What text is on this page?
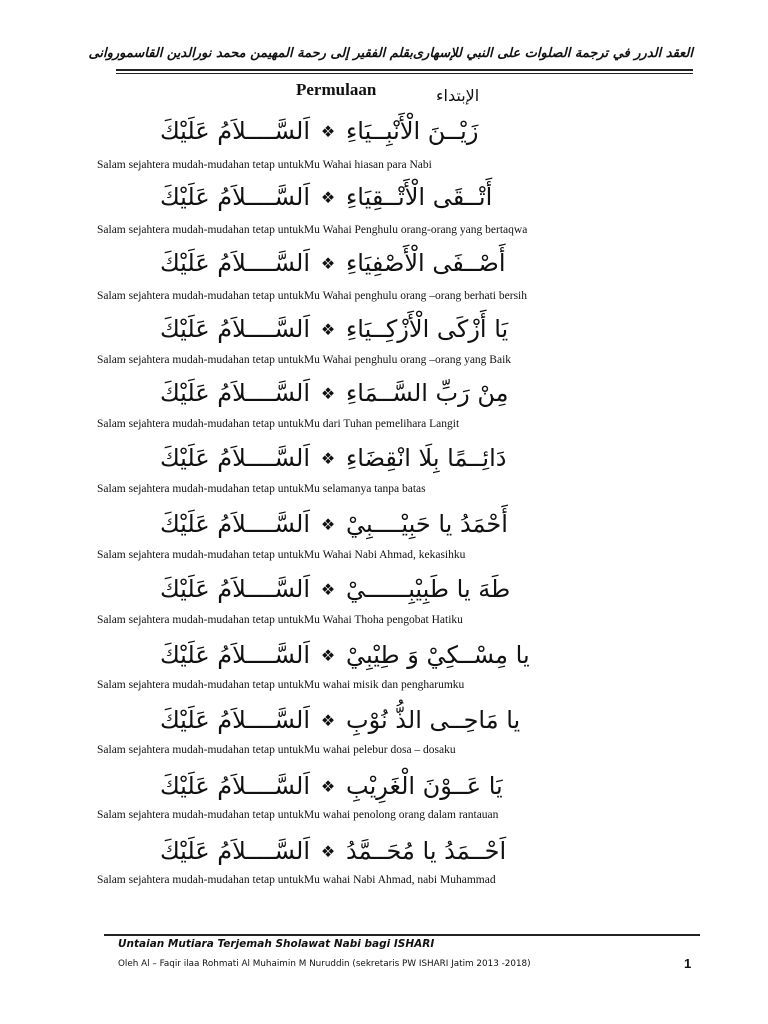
العقد الدرر في ترجمة الصلوات على النبي للإسهارى
بقلم الفقير إلى رحمة المهيمن محمد نورالدين القاسموروانى
Permulaan	الإبتداء
اَلسَّــــلاَمُ عَلَيْكَ ❖ زَيْــنَ الْأَنْبِــيَاءِ
Salam sejahtera mudah-mudahan tetap untukMu Wahai hiasan para Nabi
اَلسَّــــلاَمُ عَلَيْكَ ❖ أَتْــقَى الْأَتْــقِيَاءِ
Salam sejahtera mudah-mudahan tetap untukMu Wahai Penghulu orang-orang yang bertaqwa
اَلسَّــــلاَمُ عَلَيْكَ ❖ أَصْــفَى الْأَصْفِيَاءِ
Salam sejahtera mudah-mudahan tetap untukMu Wahai penghulu orang –orang berhati bersih
اَلسَّــــلاَمُ عَلَيْكَ ❖ يَا أَزْكَى الْأَزْكِــيَاءِ
Salam sejahtera mudah-mudahan tetap untukMu Wahai penghulu orang –orang yang Baik
اَلسَّــــلاَمُ عَلَيْكَ ❖ مِنْ رَبِّ السَّــمَاءِ
Salam sejahtera mudah-mudahan tetap untukMu dari Tuhan pemelihara Langit
اَلسَّــــلاَمُ عَلَيْكَ ❖ دَائِــمًا بِلَا انْقِضَاءِ
Salam sejahtera mudah-mudahan tetap untukMu selamanya tanpa batas
اَلسَّــــلاَمُ عَلَيْكَ ❖ أَحْمَدُ يا حَبِيْــــبِيْ
Salam sejahtera mudah-mudahan tetap untukMu Wahai Nabi Ahmad, kekasihku
اَلسَّــــلاَمُ عَلَيْكَ ❖ طَهَ يا طَبِيْبِــــــيْ
Salam sejahtera mudah-mudahan tetap untukMu Wahai Thoha pengobat Hatiku
اَلسَّــــلاَمُ عَلَيْكَ ❖ يا مِسْــكِيْ وَ طِيْبِيْ
Salam sejahtera mudah-mudahan tetap untukMu wahai misik dan pengharumku
اَلسَّــــلاَمُ عَلَيْكَ ❖ يا مَاحِــى الذُّ نُوْبِ
Salam sejahtera mudah-mudahan tetap untukMu wahai pelebur dosa – dosaku
اَلسَّــــلاَمُ عَلَيْكَ ❖ يَا عَــوْنَ الْغَرِيْبِ
Salam sejahtera mudah-mudahan tetap untukMu wahai penolong orang dalam rantauan
اَلسَّــــلاَمُ عَلَيْكَ ❖ اَحْــمَدُ يا مُحَــمَّدُ
Salam sejahtera mudah-mudahan tetap untukMu wahai Nabi Ahmad, nabi Muhammad
Untaian Mutiara Terjemah Sholawat Nabi bagi ISHARI
Oleh Al – Faqir ilaa Rohmati Al Muhaimin M Nuruddin (sekretaris PW ISHARI Jatim 2013 -2018)	1
